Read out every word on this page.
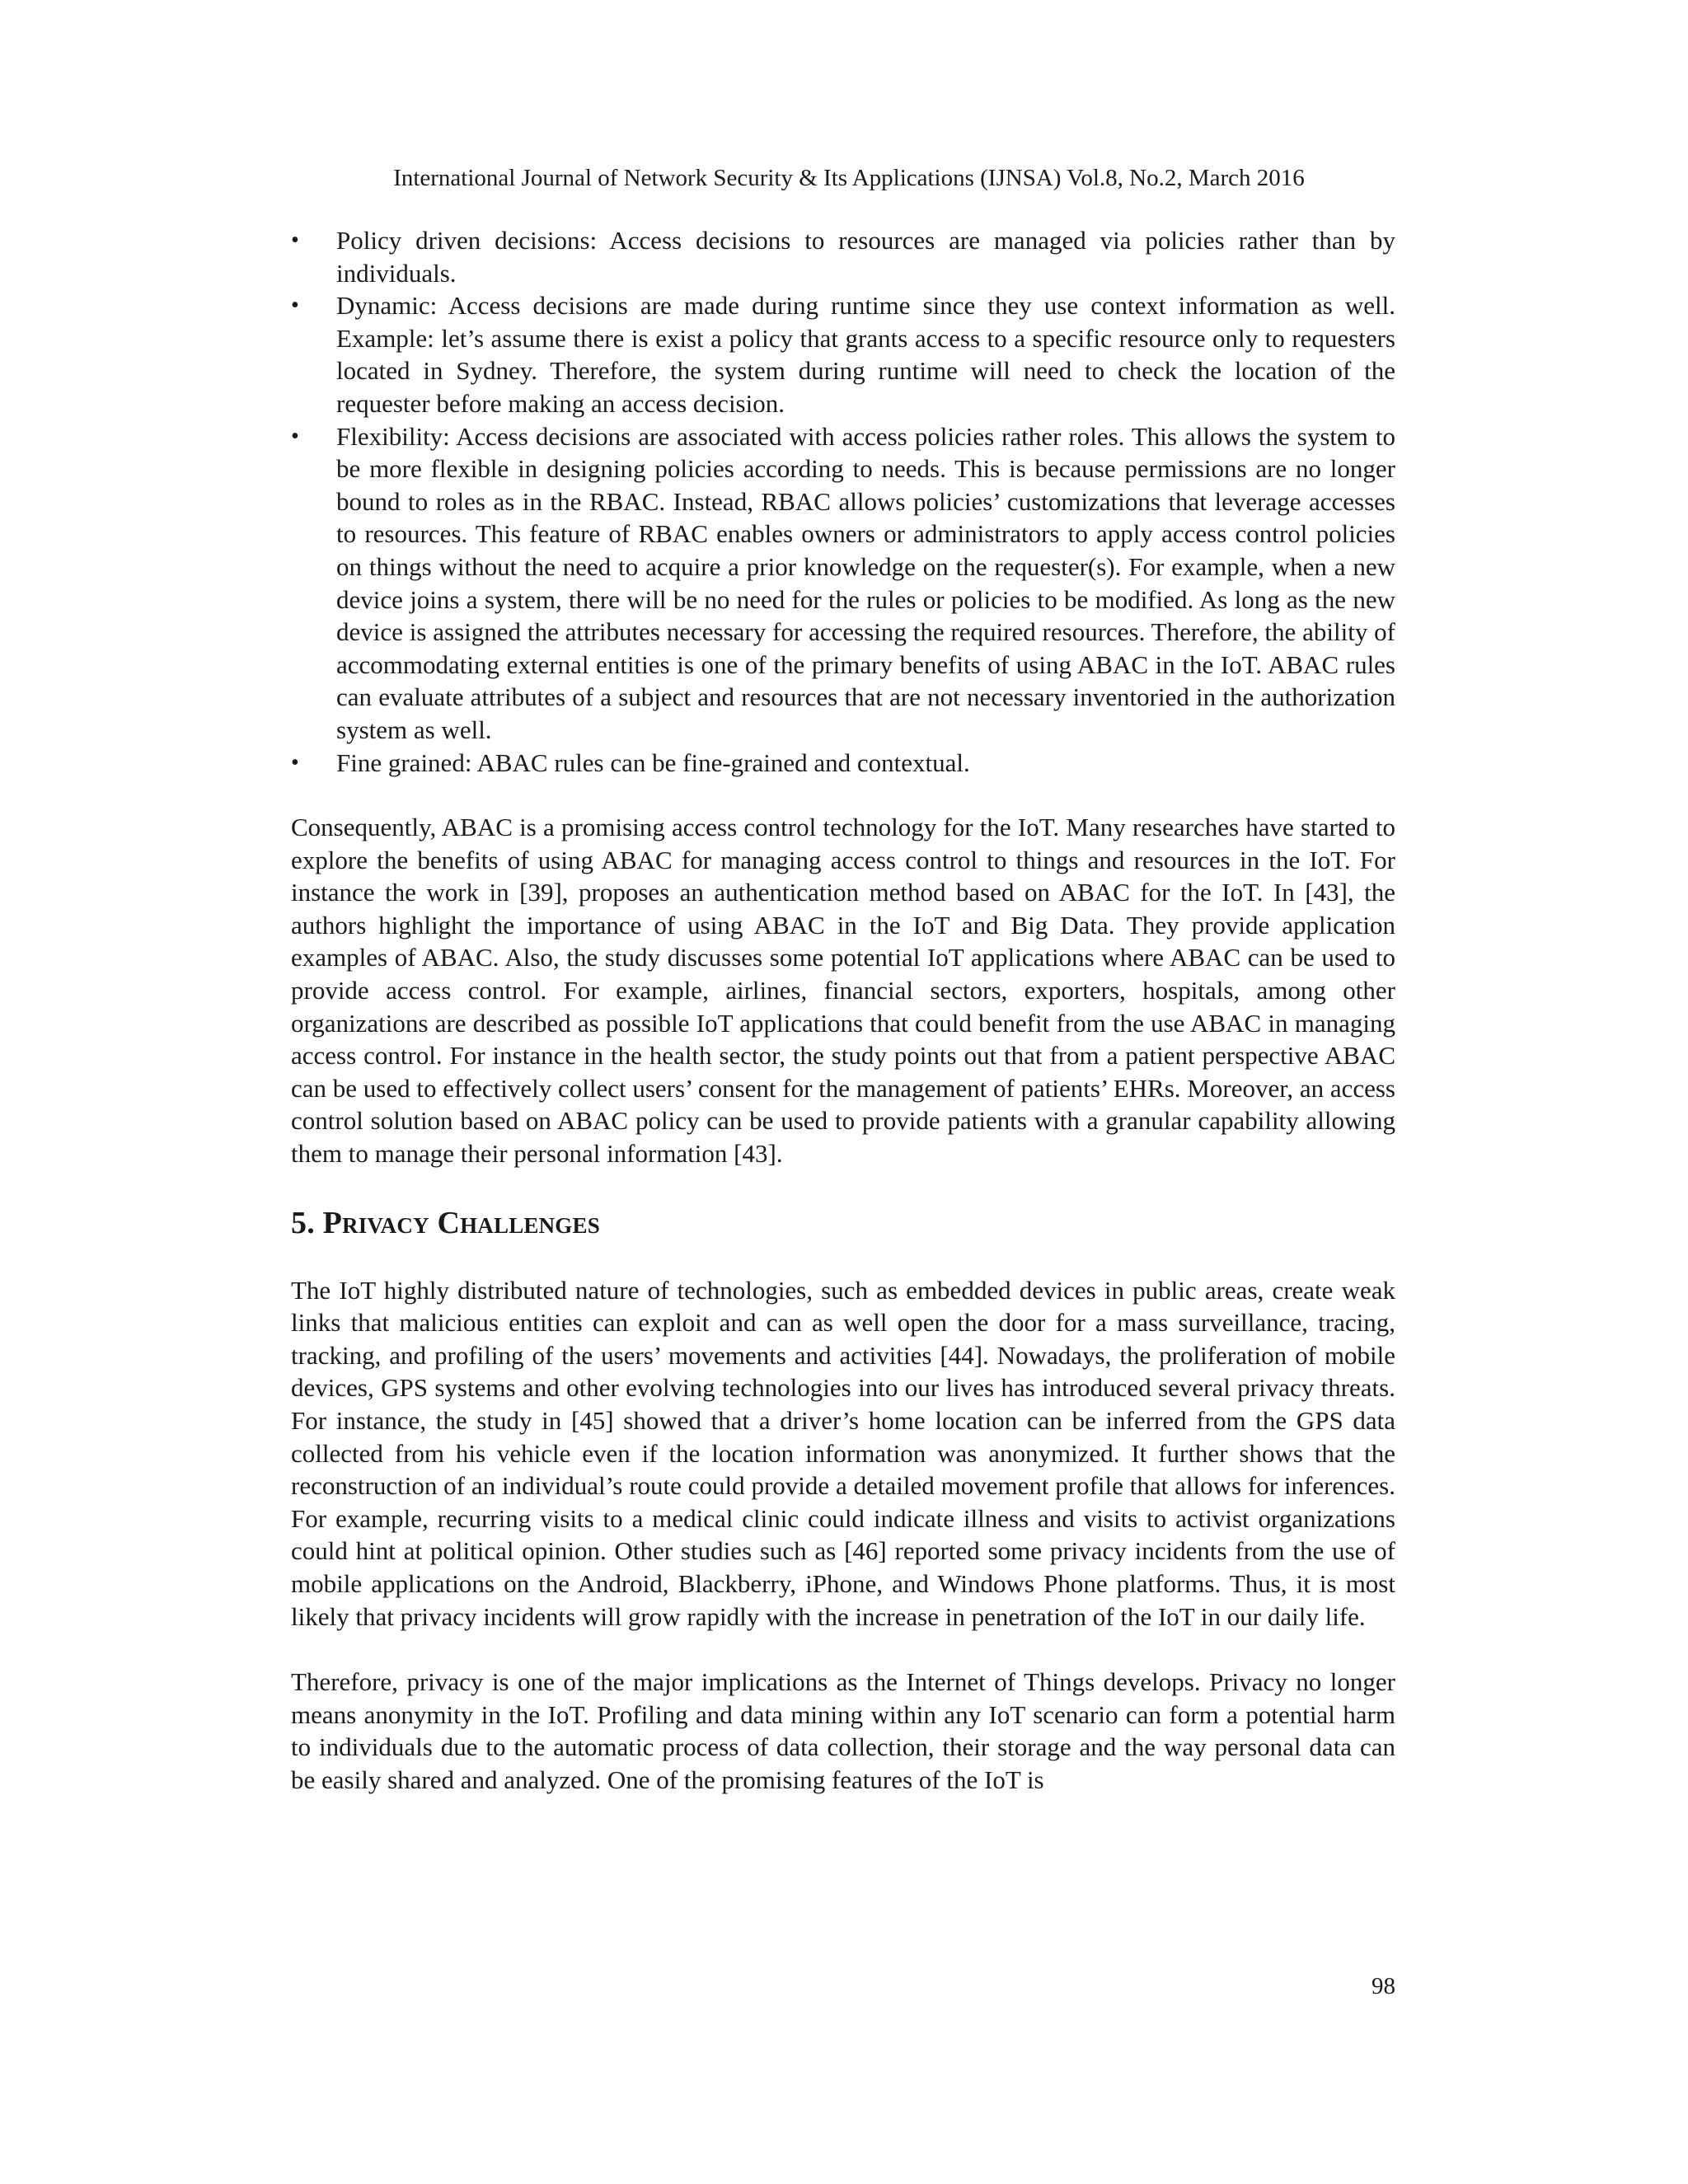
International Journal of Network Security & Its Applications (IJNSA) Vol.8, No.2, March 2016
• Policy driven decisions: Access decisions to resources are managed via policies rather than by individuals.
• Dynamic: Access decisions are made during runtime since they use context information as well. Example: let’s assume there is exist a policy that grants access to a specific resource only to requesters located in Sydney. Therefore, the system during runtime will need to check the location of the requester before making an access decision.
• Flexibility: Access decisions are associated with access policies rather roles. This allows the system to be more flexible in designing policies according to needs. This is because permissions are no longer bound to roles as in the RBAC. Instead, RBAC allows policies’ customizations that leverage accesses to resources. This feature of RBAC enables owners or administrators to apply access control policies on things without the need to acquire a prior knowledge on the requester(s). For example, when a new device joins a system, there will be no need for the rules or policies to be modified. As long as the new device is assigned the attributes necessary for accessing the required resources. Therefore, the ability of accommodating external entities is one of the primary benefits of using ABAC in the IoT. ABAC rules can evaluate attributes of a subject and resources that are not necessary inventoried in the authorization system as well.
• Fine grained: ABAC rules can be fine-grained and contextual.

Consequently, ABAC is a promising access control technology for the IoT. Many researches have started to explore the benefits of using ABAC for managing access control to things and resources in the IoT. For instance the work in [39], proposes an authentication method based on ABAC for the IoT. In [43], the authors highlight the importance of using ABAC in the IoT and Big Data. They provide application examples of ABAC. Also, the study discusses some potential IoT applications where ABAC can be used to provide access control. For example, airlines, financial sectors, exporters, hospitals, among other organizations are described as possible IoT applications that could benefit from the use ABAC in managing access control. For instance in the health sector, the study points out that from a patient perspective ABAC can be used to effectively collect users’ consent for the management of patients’ EHRs. Moreover, an access control solution based on ABAC policy can be used to provide patients with a granular capability allowing them to manage their personal information [43].

5. Privacy Challenges

The IoT highly distributed nature of technologies, such as embedded devices in public areas, create weak links that malicious entities can exploit and can as well open the door for a mass surveillance, tracing, tracking, and profiling of the users’ movements and activities [44]. Nowadays, the proliferation of mobile devices, GPS systems and other evolving technologies into our lives has introduced several privacy threats. For instance, the study in [45] showed that a driver’s home location can be inferred from the GPS data collected from his vehicle even if the location information was anonymized. It further shows that the reconstruction of an individual’s route could provide a detailed movement profile that allows for inferences. For example, recurring visits to a medical clinic could indicate illness and visits to activist organizations could hint at political opinion. Other studies such as [46] reported some privacy incidents from the use of mobile applications on the Android, Blackberry, iPhone, and Windows Phone platforms. Thus, it is most likely that privacy incidents will grow rapidly with the increase in penetration of the IoT in our daily life.

Therefore, privacy is one of the major implications as the Internet of Things develops. Privacy no longer means anonymity in the IoT. Profiling and data mining within any IoT scenario can form a potential harm to individuals due to the automatic process of data collection, their storage and the way personal data can be easily shared and analyzed. One of the promising features of the IoT is

98
